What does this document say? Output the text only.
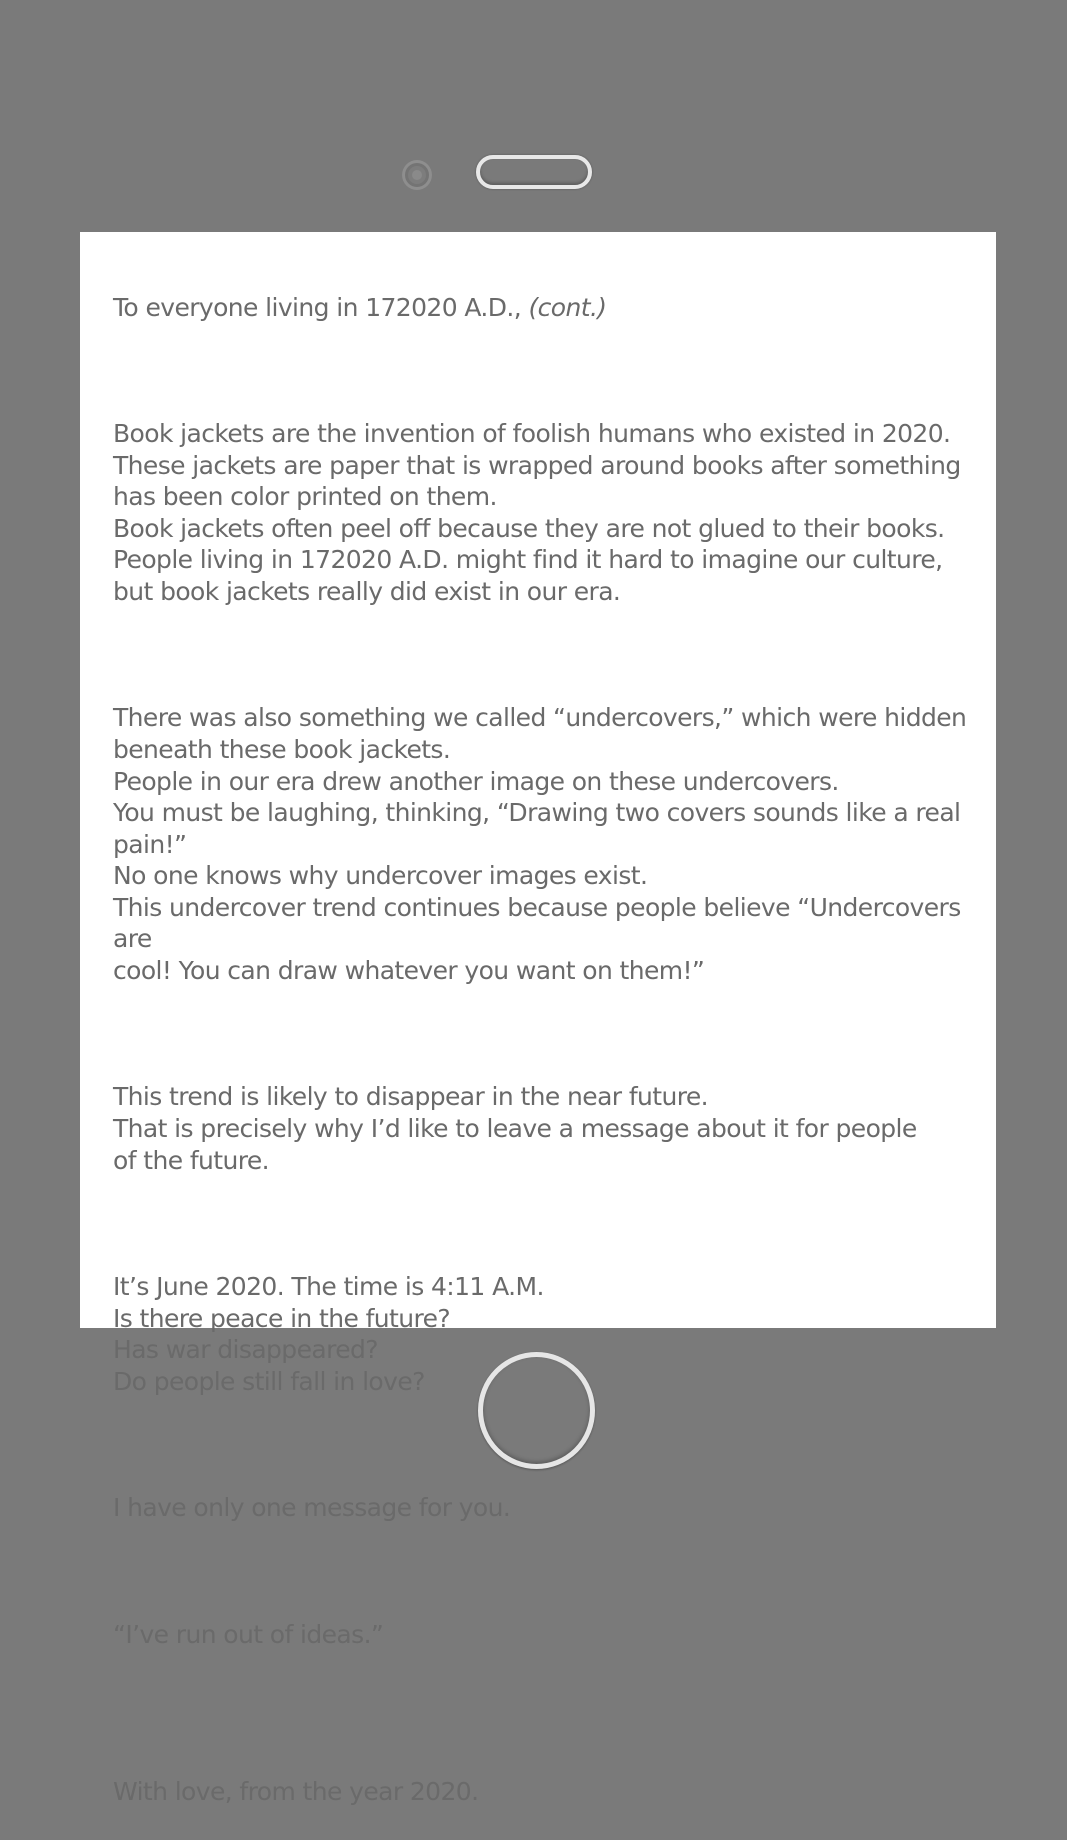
To everyone living in 172020 A.D., (cont.)

Book jackets are the invention of foolish humans who existed in 2020.
These jackets are paper that is wrapped around books after something
has been color printed on them.
Book jackets often peel off because they are not glued to their books.
People living in 172020 A.D. might find it hard to imagine our culture,
but book jackets really did exist in our era.

There was also something we called “undercovers,” which were hidden
beneath these book jackets.
People in our era drew another image on these undercovers.
You must be laughing, thinking, “Drawing two covers sounds like a real pain!”
No one knows why undercover images exist.
This undercover trend continues because people believe “Undercovers are
cool! You can draw whatever you want on them!”

This trend is likely to disappear in the near future.
That is precisely why I’d like to leave a message about it for people
of the future.

It’s June 2020. The time is 4:11 A.M.
Is there peace in the future?
Has war disappeared?
Do people still fall in love?

I have only one message for you.

“I’ve run out of ideas.”

With love, from the year 2020.
